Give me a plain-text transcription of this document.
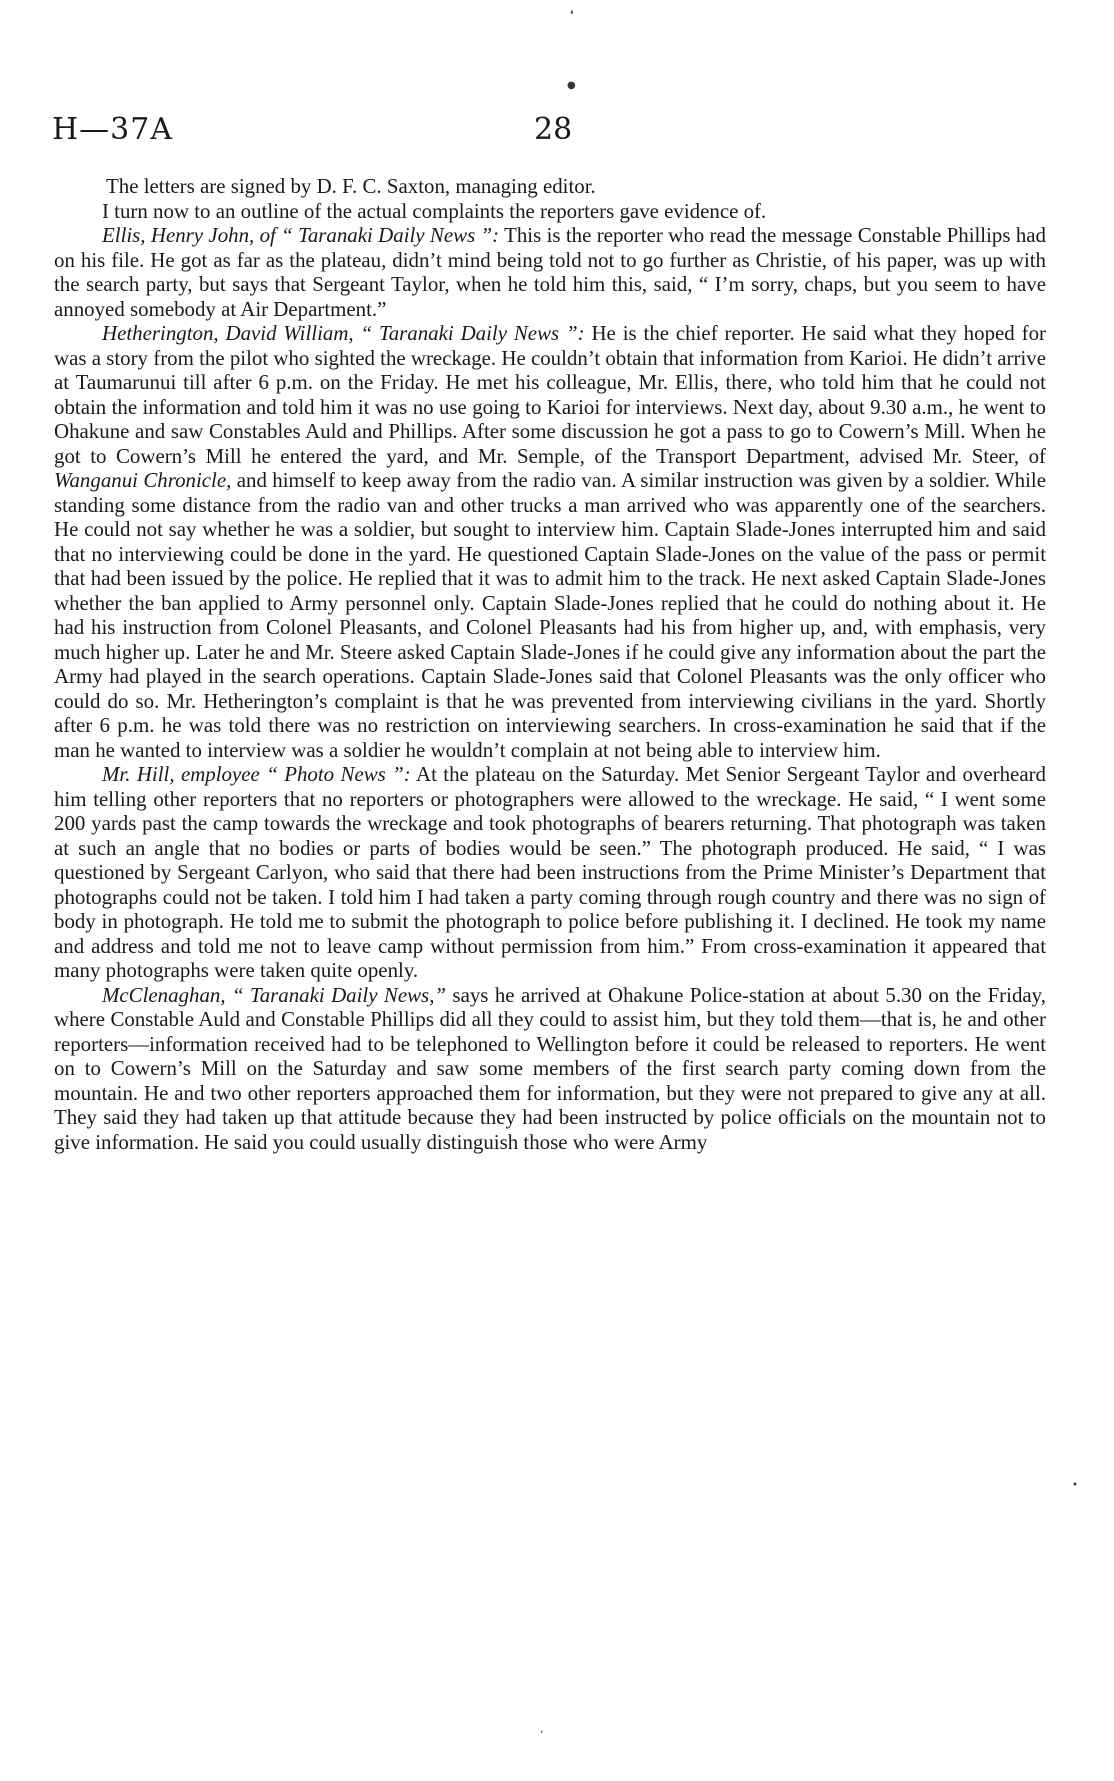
❛
●
H—37A	28

The letters are signed by D. F. C. Saxton, managing editor.

I turn now to an outline of the actual complaints the reporters gave evidence of.

Ellis, Henry John, of “ Taranaki Daily News ”: This is the reporter who read the message Constable Phillips had on his file. He got as far as the plateau, didn’t mind being told not to go further as Christie, of his paper, was up with the search party, but says that Sergeant Taylor, when he told him this, said, “ I’m sorry, chaps, but you seem to have annoyed somebody at Air Department.”

Hetherington, David William, “ Taranaki Daily News ”: He is the chief reporter. He said what they hoped for was a story from the pilot who sighted the wreckage. He couldn’t obtain that information from Karioi. He didn’t arrive at Taumarunui till after 6 p.m. on the Friday. He met his colleague, Mr. Ellis, there, who told him that he could not obtain the information and told him it was no use going to Karioi for interviews. Next day, about 9.30 a.m., he went to Ohakune and saw Constables Auld and Phillips. After some discussion he got a pass to go to Cowern’s Mill. When he got to Cowern’s Mill he entered the yard, and Mr. Semple, of the Transport Department, advised Mr. Steer, of Wanganui Chronicle, and himself to keep away from the radio van. A similar instruction was given by a soldier. While standing some distance from the radio van and other trucks a man arrived who was apparently one of the searchers. He could not say whether he was a soldier, but sought to interview him. Captain Slade-Jones interrupted him and said that no interviewing could be done in the yard. He questioned Captain Slade-Jones on the value of the pass or permit that had been issued by the police. He replied that it was to admit him to the track. He next asked Captain Slade-Jones whether the ban applied to Army personnel only. Captain Slade-Jones replied that he could do nothing about it. He had his instruction from Colonel Pleasants, and Colonel Pleasants had his from higher up, and, with emphasis, very much higher up. Later he and Mr. Steere asked Captain Slade-Jones if he could give any information about the part the Army had played in the search operations. Captain Slade-Jones said that Colonel Pleasants was the only officer who could do so. Mr. Hetherington’s complaint is that he was prevented from interviewing civilians in the yard. Shortly after 6 p.m. he was told there was no restriction on interviewing searchers. In cross-examination he said that if the man he wanted to interview was a soldier he wouldn’t complain at not being able to interview him.

Mr. Hill, employee “ Photo News ”: At the plateau on the Saturday. Met Senior Sergeant Taylor and overheard him telling other reporters that no reporters or photographers were allowed to the wreckage. He said, “ I went some 200 yards past the camp towards the wreckage and took photographs of bearers returning. That photograph was taken at such an angle that no bodies or parts of bodies would be seen.” The photograph produced. He said, “ I was questioned by Sergeant Carlyon, who said that there had been instructions from the Prime Minister’s Department that photographs could not be taken. I told him I had taken a party coming through rough country and there was no sign of body in photograph. He told me to submit the photograph to police before publishing it. I declined. He took my name and address and told me not to leave camp without permission from him.” From cross-examination it appeared that many photographs were taken quite openly.

McClenaghan, “ Taranaki Daily News,” says he arrived at Ohakune Police-station at about 5.30 on the Friday, where Constable Auld and Constable Phillips did all they could to assist him, but they told them—that is, he and other reporters—information received had to be telephoned to Wellington before it could be released to reporters. He went on to Cowern’s Mill on the Saturday and saw some members of the first search party coming down from the mountain. He and two other reporters approached them for information, but they were not prepared to give any at all. They said they had taken up that attitude because they had been instructed by police officials on the mountain not to give information. He said you could usually distinguish those who were Army

•
‚
